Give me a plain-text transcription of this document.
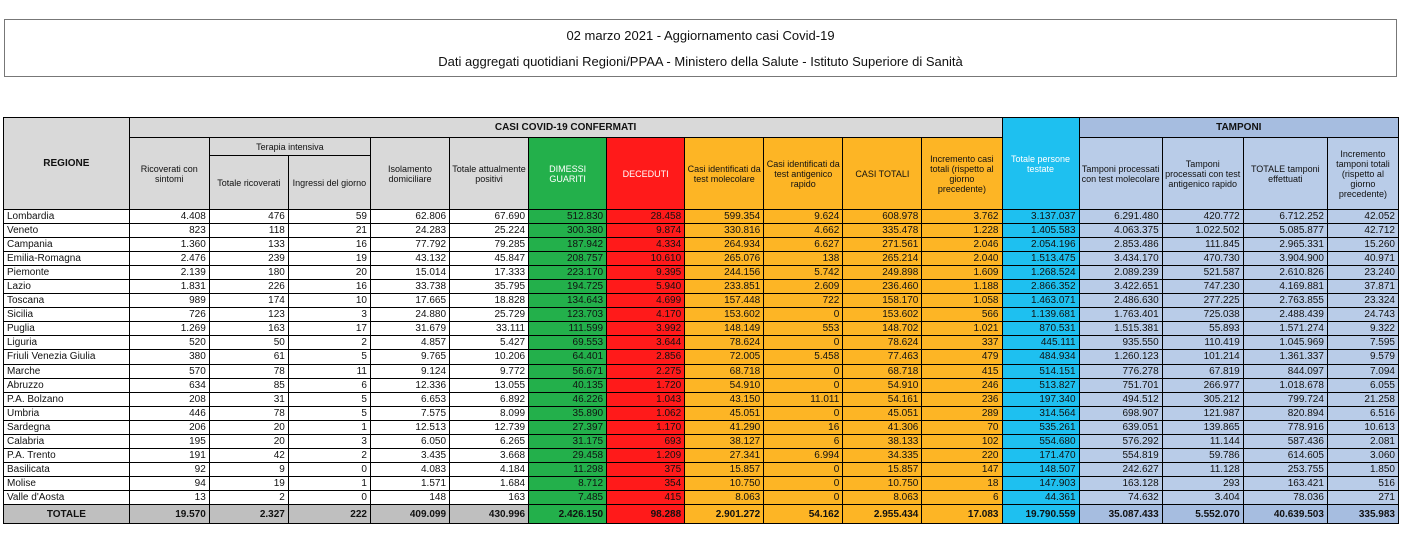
02 marzo 2021 - Aggiornamento casi Covid-19
Dati aggregati quotidiani Regioni/PPAA - Ministero della Salute - Istituto Superiore di Sanità
REGIONE	CASI COVID-19 CONFERMATI											Totale persone testate	TAMPONI			
	Ricoverati con sintomi	Terapia intensiva		Isolamento domiciliare	Totale attualmente positivi	DIMESSI GUARITI	DECEDUTI	Casi identificati da test molecolare	Casi identificati da test antigenico rapido	CASI TOTALI	Incremento casi totali (rispetto al giorno precedente)		Tamponi processati con test molecolare	Tamponi processati con test antigenico rapido	TOTALE tamponi effettuati	Incremento tamponi totali (rispetto al giorno precedente)
		Totale ricoverati	Ingressi del giorno													
Lombardia	4.408	476	59	62.806	67.690	512.830	28.458	599.354	9.624	608.978	3.762	3.137.037	6.291.480	420.772	6.712.252	42.052
Veneto	823	118	21	24.283	25.224	300.380	9.874	330.816	4.662	335.478	1.228	1.405.583	4.063.375	1.022.502	5.085.877	42.712
Campania	1.360	133	16	77.792	79.285	187.942	4.334	264.934	6.627	271.561	2.046	2.054.196	2.853.486	111.845	2.965.331	15.260
Emilia-Romagna	2.476	239	19	43.132	45.847	208.757	10.610	265.076	138	265.214	2.040	1.513.475	3.434.170	470.730	3.904.900	40.971
Piemonte	2.139	180	20	15.014	17.333	223.170	9.395	244.156	5.742	249.898	1.609	1.268.524	2.089.239	521.587	2.610.826	23.240
Lazio	1.831	226	16	33.738	35.795	194.725	5.940	233.851	2.609	236.460	1.188	2.866.352	3.422.651	747.230	4.169.881	37.871
Toscana	989	174	10	17.665	18.828	134.643	4.699	157.448	722	158.170	1.058	1.463.071	2.486.630	277.225	2.763.855	23.324
Sicilia	726	123	3	24.880	25.729	123.703	4.170	153.602	0	153.602	566	1.139.681	1.763.401	725.038	2.488.439	24.743
Puglia	1.269	163	17	31.679	33.111	111.599	3.992	148.149	553	148.702	1.021	870.531	1.515.381	55.893	1.571.274	9.322
Liguria	520	50	2	4.857	5.427	69.553	3.644	78.624	0	78.624	337	445.111	935.550	110.419	1.045.969	7.595
Friuli Venezia Giulia	380	61	5	9.765	10.206	64.401	2.856	72.005	5.458	77.463	479	484.934	1.260.123	101.214	1.361.337	9.579
Marche	570	78	11	9.124	9.772	56.671	2.275	68.718	0	68.718	415	514.151	776.278	67.819	844.097	7.094
Abruzzo	634	85	6	12.336	13.055	40.135	1.720	54.910	0	54.910	246	513.827	751.701	266.977	1.018.678	6.055
P.A. Bolzano	208	31	5	6.653	6.892	46.226	1.043	43.150	11.011	54.161	236	197.340	494.512	305.212	799.724	21.258
Umbria	446	78	5	7.575	8.099	35.890	1.062	45.051	0	45.051	289	314.564	698.907	121.987	820.894	6.516
Sardegna	206	20	1	12.513	12.739	27.397	1.170	41.290	16	41.306	70	535.261	639.051	139.865	778.916	10.613
Calabria	195	20	3	6.050	6.265	31.175	693	38.127	6	38.133	102	554.680	576.292	11.144	587.436	2.081
P.A. Trento	191	42	2	3.435	3.668	29.458	1.209	27.341	6.994	34.335	220	171.470	554.819	59.786	614.605	3.060
Basilicata	92	9	0	4.083	4.184	11.298	375	15.857	0	15.857	147	148.507	242.627	11.128	253.755	1.850
Molise	94	19	1	1.571	1.684	8.712	354	10.750	0	10.750	18	147.903	163.128	293	163.421	516
Valle d'Aosta	13	2	0	148	163	7.485	415	8.063	0	8.063	6	44.361	74.632	3.404	78.036	271
TOTALE	19.570	2.327	222	409.099	430.996	2.426.150	98.288	2.901.272	54.162	2.955.434	17.083	19.790.559	35.087.433	5.552.070	40.639.503	335.983
